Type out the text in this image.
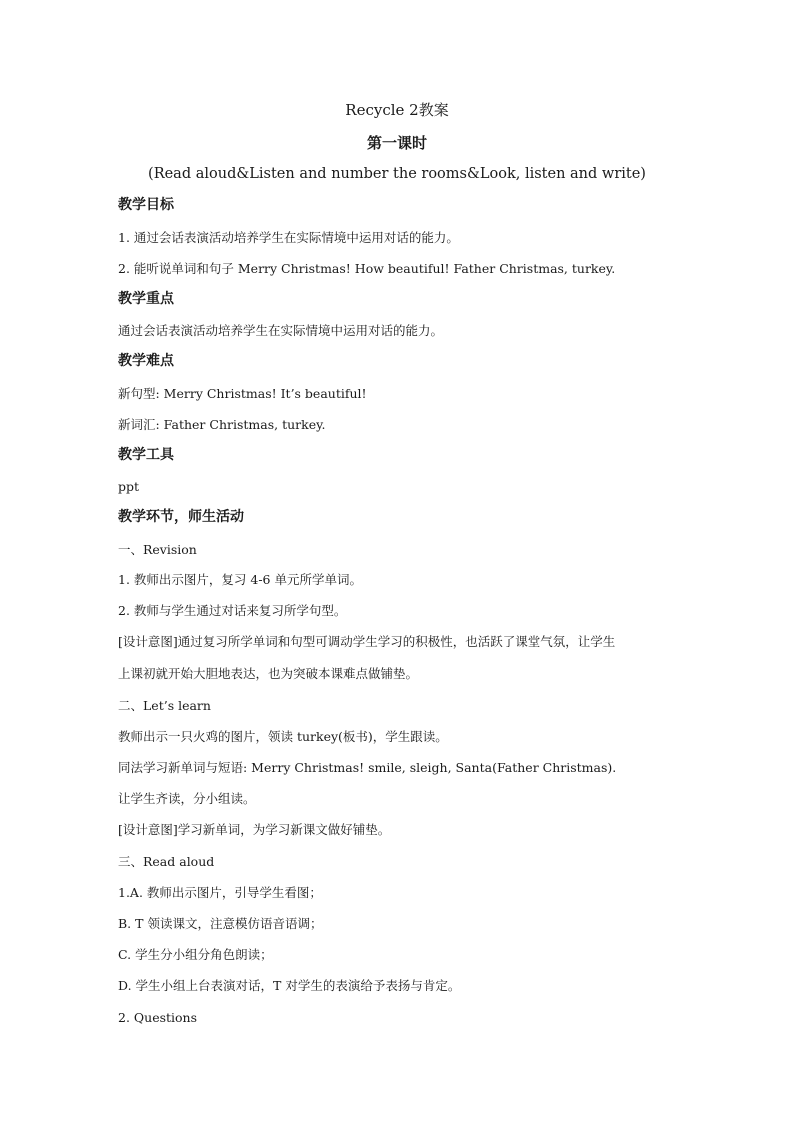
Recycle 2教案
第一课时
(Read aloud&Listen and number the rooms&Look, listen and write)
教学目标
1. 通过会话表演活动培养学生在实际情境中运用对话的能力。
2. 能听说单词和句子 Merry Christmas! How beautiful! Father Christmas, turkey.
教学重点
通过会话表演活动培养学生在实际情境中运用对话的能力。
教学难点
新句型: Merry Christmas! It’s beautiful!
新词汇: Father Christmas, turkey.
教学工具
ppt
教学环节，师生活动
一、Revision
1. 教师出示图片，复习 4-6 单元所学单词。
2. 教师与学生通过对话来复习所学句型。
[设计意图]通过复习所学单词和句型可调动学生学习的积极性，也活跃了课堂气氛，让学生
上课初就开始大胆地表达，也为突破本课难点做铺垫。
二、Let’s learn
教师出示一只火鸡的图片，领读 turkey(板书)，学生跟读。
同法学习新单词与短语: Merry Christmas! smile, sleigh, Santa(Father Christmas).
让学生齐读，分小组读。
[设计意图]学习新单词，为学习新课文做好铺垫。
三、Read aloud
1.A. 教师出示图片，引导学生看图；
B. T 领读课文，注意模仿语音语调；
C. 学生分小组分角色朗读；
D. 学生小组上台表演对话，T 对学生的表演给予表扬与肯定。
2. Questions
